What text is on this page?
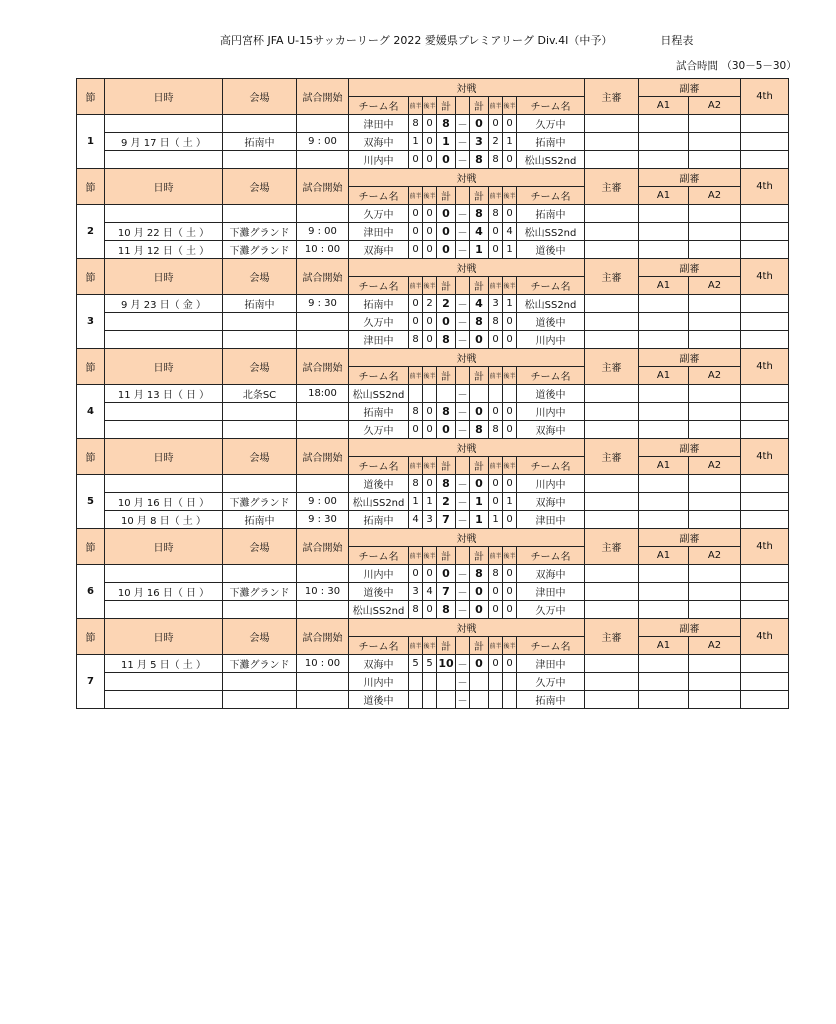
高円宮杯 JFA U-15サッカーリーグ 2022 愛媛県プレミアリーグ Div.4I（中予）	日程表
試合時間 （30－5－30）
節	日時	会場	試合開始	対戦									主審	副審		4th
				チーム名	前半	後半	計		計	前半	後半	チーム名		A1	A2	
1				津田中	8	0	8	－	0	0	0	久万中				
	9 月 17 日（ 土 ）	拓南中	9 : 00	双海中	1	0	1	－	3	2	1	拓南中				
				川内中	0	0	0	－	8	8	0	松山SS2nd				
節	日時	会場	試合開始	対戦									主審	副審		4th
				チーム名	前半	後半	計		計	前半	後半	チーム名		A1	A2	
2				久万中	0	0	0	－	8	8	0	拓南中				
	10 月 22 日（ 土 ）	下灘グランド	9 : 00	津田中	0	0	0	－	4	0	4	松山SS2nd				
	11 月 12 日（ 土 ）	下灘グランド	10 : 00	双海中	0	0	0	－	1	0	1	道後中				
節	日時	会場	試合開始	対戦									主審	副審		4th
				チーム名	前半	後半	計		計	前半	後半	チーム名		A1	A2	
3	9 月 23 日（ 金 ）	拓南中	9 : 30	拓南中	0	2	2	－	4	3	1	松山SS2nd				
				久万中	0	0	0	－	8	8	0	道後中				
				津田中	8	0	8	－	0	0	0	川内中				
節	日時	会場	試合開始	対戦									主審	副審		4th
				チーム名	前半	後半	計		計	前半	後半	チーム名		A1	A2	
4	11 月 13 日（ 日 ）	北条SC	18:00	松山SS2nd				－				道後中				
				拓南中	8	0	8	－	0	0	0	川内中				
				久万中	0	0	0	－	8	8	0	双海中				
節	日時	会場	試合開始	対戦									主審	副審		4th
				チーム名	前半	後半	計		計	前半	後半	チーム名		A1	A2	
5				道後中	8	0	8	－	0	0	0	川内中				
	10 月 16 日（ 日 ）	下灘グランド	9 : 00	松山SS2nd	1	1	2	－	1	0	1	双海中				
	10 月 8 日（ 土 ）	拓南中	9 : 30	拓南中	4	3	7	－	1	1	0	津田中				
節	日時	会場	試合開始	対戦									主審	副審		4th
				チーム名	前半	後半	計		計	前半	後半	チーム名		A1	A2	
6				川内中	0	0	0	－	8	8	0	双海中				
	10 月 16 日（ 日 ）	下灘グランド	10 : 30	道後中	3	4	7	－	0	0	0	津田中				
				松山SS2nd	8	0	8	－	0	0	0	久万中				
節	日時	会場	試合開始	対戦									主審	副審		4th
				チーム名	前半	後半	計		計	前半	後半	チーム名		A1	A2	
7	11 月 5 日（ 土 ）	下灘グランド	10 : 00	双海中	5	5	10	－	0	0	0	津田中				
				川内中				－				久万中				
				道後中				－				拓南中				
